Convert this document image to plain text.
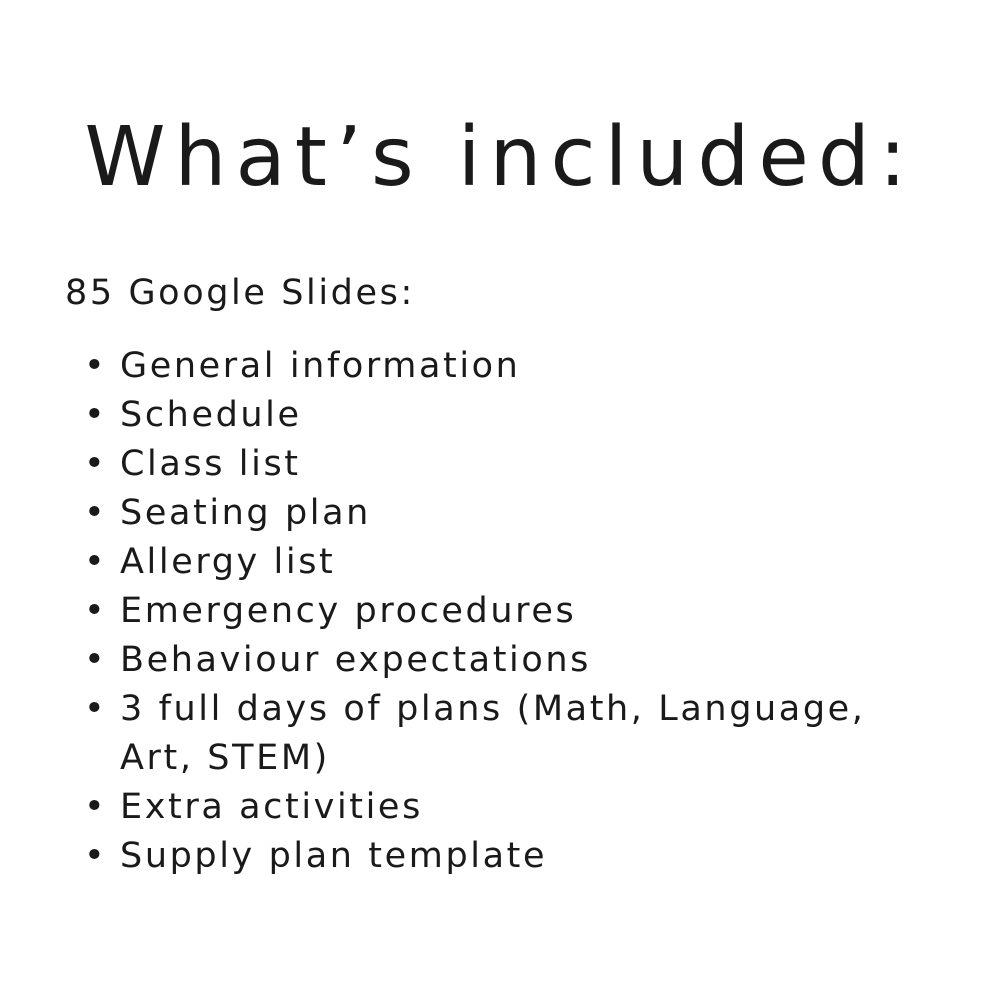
What’s included:

85 Google Slides:

• General information
• Schedule
• Class list
• Seating plan
• Allergy list
• Emergency procedures
• Behaviour expectations
• 3 full days of plans (Math, Language,
Art, STEM)
• Extra activities
• Supply plan template
